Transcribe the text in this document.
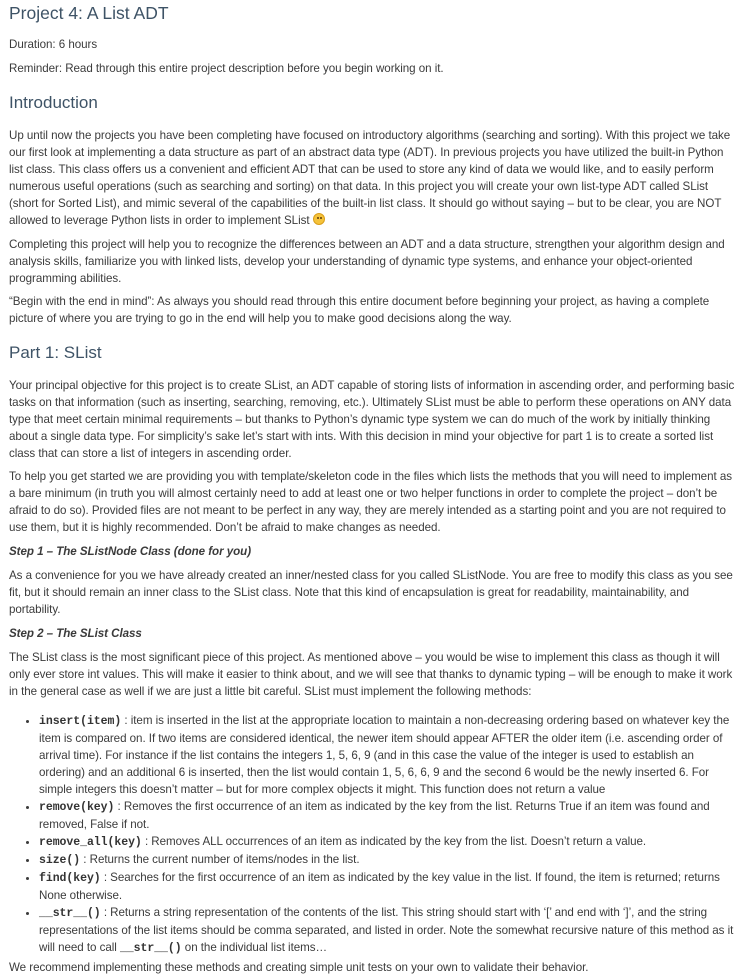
Project 4: A List ADT

Duration: 6 hours

Reminder: Read through this entire project description before you begin working on it.

Introduction

Up until now the projects you have been completing have focused on introductory algorithms (searching and sorting). With this project we take our first look at implementing a data structure as part of an abstract data type (ADT). In previous projects you have utilized the built-in Python list class. This class offers us a convenient and efficient ADT that can be used to store any kind of data we would like, and to easily perform numerous useful operations (such as searching and sorting) on that data. In this project you will create your own list-type ADT called SList (short for Sorted List), and mimic several of the capabilities of the built-in list class. It should go without saying – but to be clear, you are NOT allowed to leverage Python lists in order to implement SList

Completing this project will help you to recognize the differences between an ADT and a data structure, strengthen your algorithm design and analysis skills, familiarize you with linked lists, develop your understanding of dynamic type systems, and enhance your object-oriented programming abilities.

“Begin with the end in mind”: As always you should read through this entire document before beginning your project, as having a complete picture of where you are trying to go in the end will help you to make good decisions along the way.

Part 1: SList

Your principal objective for this project is to create SList, an ADT capable of storing lists of information in ascending order, and performing basic tasks on that information (such as inserting, searching, removing, etc.). Ultimately SList must be able to perform these operations on ANY data type that meet certain minimal requirements – but thanks to Python’s dynamic type system we can do much of the work by initially thinking about a single data type. For simplicity’s sake let’s start with ints. With this decision in mind your objective for part 1 is to create a sorted list class that can store a list of integers in ascending order.

To help you get started we are providing you with template/skeleton code in the files which lists the methods that you will need to implement as a bare minimum (in truth you will almost certainly need to add at least one or two helper functions in order to complete the project – don’t be afraid to do so). Provided files are not meant to be perfect in any way, they are merely intended as a starting point and you are not required to use them, but it is highly recommended. Don’t be afraid to make changes as needed.

Step 1 – The SListNode Class (done for you)

As a convenience for you we have already created an inner/nested class for you called SListNode. You are free to modify this class as you see fit, but it should remain an inner class to the SList class. Note that this kind of encapsulation is great for readability, maintainability, and portability.

Step 2 – The SList Class

The SList class is the most significant piece of this project. As mentioned above – you would be wise to implement this class as though it will only ever store int values. This will make it easier to think about, and we will see that thanks to dynamic typing – will be enough to make it work in the general case as well if we are just a little bit careful. SList must implement the following methods:

• insert(item) : item is inserted in the list at the appropriate location to maintain a non-decreasing ordering based on whatever key the item is compared on. If two items are considered identical, the newer item should appear AFTER the older item (i.e. ascending order of arrival time). For instance if the list contains the integers 1, 5, 6, 9 (and in this case the value of the integer is used to establish an ordering) and an additional 6 is inserted, then the list would contain 1, 5, 6, 6, 9 and the second 6 would be the newly inserted 6. For simple integers this doesn’t matter – but for more complex objects it might. This function does not return a value
• remove(key) : Removes the first occurrence of an item as indicated by the key from the list. Returns True if an item was found and removed, False if not.
• remove_all(key) : Removes ALL occurrences of an item as indicated by the key from the list. Doesn’t return a value.
• size() : Returns the current number of items/nodes in the list.
• find(key) : Searches for the first occurrence of an item as indicated by the key value in the list. If found, the item is returned; returns None otherwise.
• __str__() : Returns a string representation of the contents of the list. This string should start with ‘[’ and end with ‘]’, and the string representations of the list items should be comma separated, and listed in order. Note the somewhat recursive nature of this method as it will need to call __str__() on the individual list items…

We recommend implementing these methods and creating simple unit tests on your own to validate their behavior.
